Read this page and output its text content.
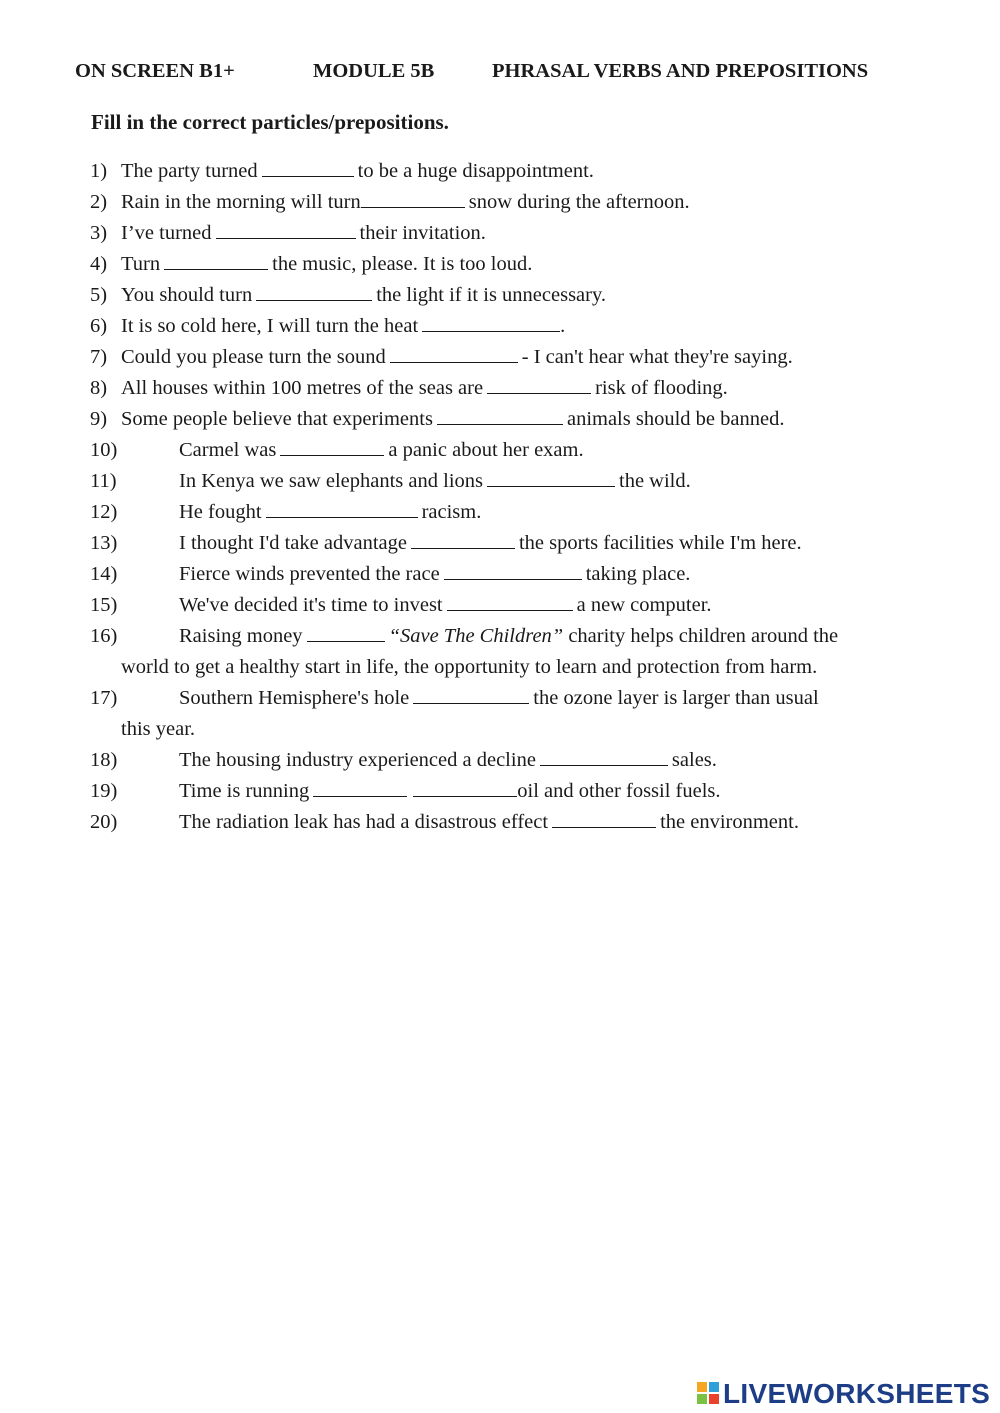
ON SCREEN B1+	MODULE 5B	PHRASAL VERBS AND PREPOSITIONS
Fill in the correct particles/prepositions.
1) The party turned	to be a huge disappointment.
2) Rain in the morning will turn	snow during the afternoon.
3) I’ve turned	their invitation.
4) Turn	the music, please. It is too loud.
5) You should turn	the light if it is unnecessary.
6) It is so cold here, I will turn the heat	.
7) Could you please turn the sound	- I can't hear what they're saying.
8) All houses within 100 metres of the seas are	risk of flooding.
9) Some people believe that experiments	animals should be banned.
10)	Carmel was	a panic about her exam.
11)	In Kenya we saw elephants and lions	the wild.
12)	He fought	racism.
13)	I thought I'd take advantage	the sports facilities while I'm here.
14)	Fierce winds prevented the race	taking place.
15)	We've decided it's time to invest	a new computer.
16)	Raising money	“Save The Children” charity helps children around the
world to get a healthy start in life, the opportunity to learn and protection from harm.
17)	Southern Hemisphere's hole	the ozone layer is larger than usual
this year.
18)	The housing industry experienced a decline	sales.
19)	Time is running	oil and other fossil fuels.
20)	The radiation leak has had a disastrous effect	the environment.
LIVEWORKSHEETS
